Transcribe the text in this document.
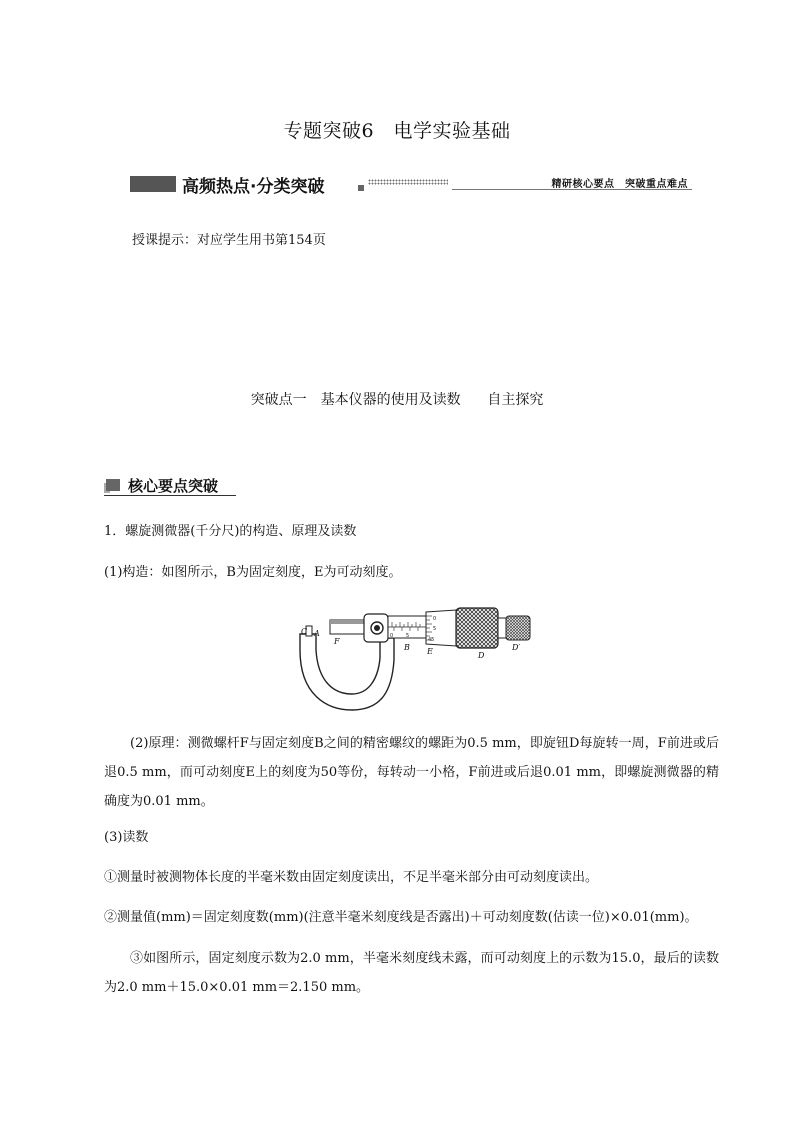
专题突破6　电学实验基础
高频热点·分类突破	精研核心要点　突破重点难点
授课提示：对应学生用书第154页
突破点一　基本仪器的使用及读数 自主探究
核心要点突破
1．螺旋测微器(千分尺)的构造、原理及读数
(1)构造：如图所示，B为固定刻度，E为可动刻度。
0	5
0
5
45
C A
F
B E	D
D′
(2)原理：测微螺杆F与固定刻度B之间的精密螺纹的螺距为0.5 mm，即旋钮D每旋转一周，F前进或后退0.5 mm，而可动刻度E上的刻度为50等份，每转动一小格，F前进或后退0.01 mm，即螺旋测微器的精确度为0.01 mm。
(3)读数
①测量时被测物体长度的半毫米数由固定刻度读出，不足半毫米部分由可动刻度读出。
②测量值(mm)＝固定刻度数(mm)(注意半毫米刻度线是否露出)＋可动刻度数(估读一位)×0.01(mm)。
③如图所示，固定刻度示数为2.0 mm，半毫米刻度线未露，而可动刻度上的示数为15.0，最后的读数为2.0 mm＋15.0×0.01 mm＝2.150 mm。
